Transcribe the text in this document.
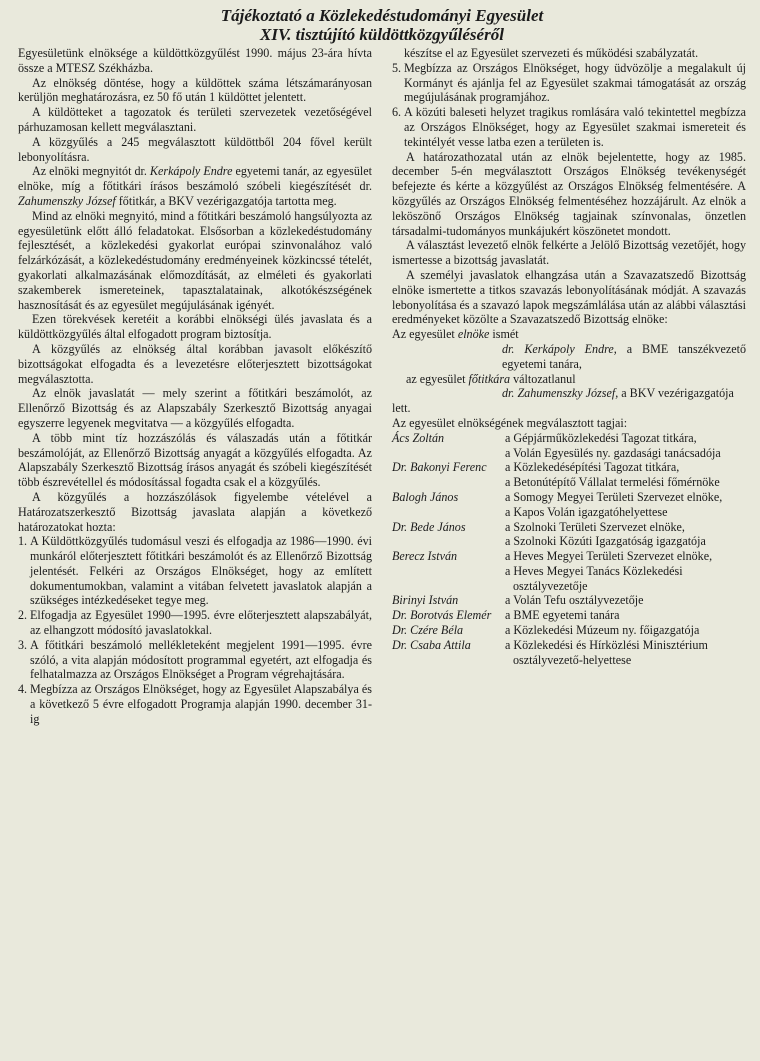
Tájékoztató a Közlekedéstudományi Egyesület
XIV. tisztújító küldöttközgyűléséről

Egyesületünk elnöksége a küldöttközgyűlést 1990. május 23-ára hívta össze a MTESZ Székházba.

Az elnökség döntése, hogy a küldöttek száma létszámarányosan kerüljön meghatározásra, ez 50 fő után 1 küldöttet jelentett.

A küldötteket a tagozatok és területi szervezetek vezetőségével párhuzamosan kellett megválasztani.

A közgyűlés a 245 megválasztott küldöttből 204 fővel került lebonyolításra.

Az elnöki megnyitót dr. Kerkápoly Endre egyetemi tanár, az egyesület elnöke, míg a főtitkári írásos beszámoló szóbeli kiegészítését dr. Zahumenszky József főtitkár, a BKV vezérigazgatója tartotta meg.

Mind az elnöki megnyitó, mind a főtitkári beszámoló hangsúlyozta az egyesületünk előtt álló feladatokat. Elsősorban a közlekedéstudomány fejlesztését, a közlekedési gyakorlat európai szinvonalához való felzárkózását, a közlekedéstudomány eredményeinek közkincssé tételét, gyakorlati alkalmazásának előmozdítását, az elméleti és gyakorlati szakemberek ismereteinek, tapasztalatainak, alkotókészségének hasznosítását és az egyesület megújulásának igényét.

Ezen törekvések keretéit a korábbi elnökségi ülés javaslata és a küldöttközgyűlés által elfogadott program biztosítja.

A közgyűlés az elnökség által korábban javasolt előkészítő bizottságokat elfogadta és a levezetésre előterjesztett bizottságokat megválasztotta.

Az elnök javaslatát — mely szerint a főtitkári beszámolót, az Ellenőrző Bizottság és az Alapszabály Szerkesztő Bizottság anyagai egyszerre legyenek megvitatva — a közgyűlés elfogadta.

A több mint tíz hozzászólás és válaszadás után a főtitkár beszámolóját, az Ellenőrző Bizottság anyagát a közgyűlés elfogadta. Az Alapszabály Szerkesztő Bizottság írásos anyagát és szóbeli kiegészítését több észrevétellel és módosítással fogadta csak el a közgyűlés.

A közgyűlés a hozzászólások figyelembe vételével a Határozatszerkesztő Bizottság javaslata alapján a következő határozatokat hozta:

1. A Küldöttközgyűlés tudomásul veszi és elfogadja az 1986—1990. évi munkáról előterjesztett főtitkári beszámolót és az Ellenőrző Bizottság jelentését. Felkéri az Országos Elnökséget, hogy az említett dokumentumokban, valamint a vitában felvetett javaslatok alapján a szükséges intézkedéseket tegye meg.
2. Elfogadja az Egyesület 1990—1995. évre előterjesztett alapszabályát, az elhangzott módosító javaslatokkal.
3. A főtitkári beszámoló mellékleteként megjelent 1991—1995. évre szóló, a vita alapján módosított programmal egyetért, azt elfogadja és felhatalmazza az Országos Elnökséget a Program végrehajtására.
4. Megbízza az Országos Elnökséget, hogy az Egyesület Alapszabálya és a következő 5 évre elfogadott Programja alapján 1990. december 31-ig
készítse el az Egyesület szervezeti és működési szabályzatát.
5. Megbízza az Országos Elnökséget, hogy üdvözölje a megalakult új Kormányt és ajánlja fel az Egyesület szakmai támogatását az ország megújulásának programjához.
6. A közúti baleseti helyzet tragikus romlására való tekintettel megbízza az Országos Elnökséget, hogy az Egyesület szakmai ismereteit és tekintélyét vesse latba ezen a területen is.

A határozathozatal után az elnök bejelentette, hogy az 1985. december 5-én megválasztott Országos Elnökség tevékenységét befejezte és kérte a közgyűlést az Országos Elnökség felmentésére. A közgyűlés az Országos Elnökség felmentéséhez hozzájárult. Az elnök a leköszönő Országos Elnökség tagjainak színvonalas, önzetlen társadalmi-tudományos munkájukért köszönetet mondott.

A választást levezető elnök felkérte a Jelölő Bizottság vezetőjét, hogy ismertesse a bizottság javaslatát.

A személyi javaslatok elhangzása után a Szavazatszedő Bizottság elnöke ismertette a titkos szavazás lebonyolításának módját. A szavazás lebonyolítása és a szavazó lapok megszámlálása után az alábbi választási eredményeket közölte a Szavazatszedő Bizottság elnöke:

Az egyesület elnöke ismét

dr. Kerkápoly Endre, a BME tanszékvezető egyetemi tanára,

az egyesület főtitkára változatlanul

dr. Zahumenszky József, a BKV vezérigazgatója

lett.

Az egyesület elnökségének megválasztott tagjai:

Ács Zoltán	a Gépjárműközlekedési Tagozat titkára,
a Volán Egyesülés ny. gazdasági tanácsadója
Dr. Bakonyi Ferenc	a Közlekedésépítési Tagozat titkára,
a Betonútépítő Vállalat termelési főmérnöke
Balogh János	a Somogy Megyei Területi Szervezet elnöke,
a Kapos Volán igazgatóhelyettese
Dr. Bede János	a Szolnoki Területi Szervezet elnöke,
a Szolnoki Közúti Igazgatóság igazgatója
Berecz István	a Heves Megyei Területi Szervezet elnöke,
a Heves Megyei Tanács Közlekedési osztályvezetője
Birinyi István	a Volán Tefu osztályvezetője
Dr. Borotvás Elemér	a BME egyetemi tanára
Dr. Czére Béla	a Közlekedési Múzeum ny. főigazgatója
Dr. Csaba Attila	a Közlekedési és Hírközlési Minisztérium osztályvezető-helyettese
